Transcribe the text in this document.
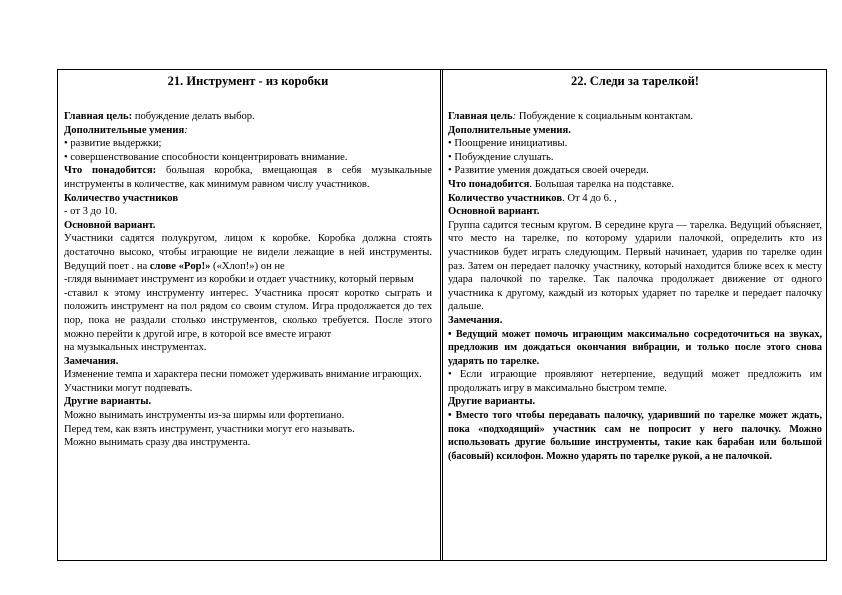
21. Инструмент - из коробки

Главная цель: побуждение делать выбор.

Дополнительные умения:

• развитие выдержки;

• совершенствование способности концентрировать внимание.

Что понадобится: большая коробка, вмещающая в себя музыкальные инструменты в количестве, как минимум равном числу участников.

Количество участников

- от 3 до 10.

Основной вариант.

Участники садятся полукругом, лицом к коробке. Коробка должна стоять достаточно высоко, чтобы играющие не видели лежащие в ней инструменты. Ведущий поет . на слове «Pop!» («Хлоп!») он не

-глядя вынимает инструмент из коробки и отдает участнику, который первым

-ставил к этому инструменту интерес. Участника просят коротко сыграть и положить инструмент на пол рядом со своим стулом. Игра продолжается до тех пор, пока не раздали столько инструментов, сколько требуется. После этого можно перейти к другой игре, в которой все вместе играют

на музыкальных инструментах.

Замечания.

Изменение темпа и характера песни поможет удерживать внимание играющих.

Участники могут подпевать.

Другие варианты.

Можно вынимать инструменты из-за ширмы или фортепиано.

Перед тем, как взять инструмент, участники могут его называть.

Можно вынимать сразу два инструмента.

22. Следи за тарелкой!

Главная цель: Побуждение к социальным контактам.

Дополнительные умения.

• Поощрение инициативы.

• Побуждение слушать.

• Развитие умения дождаться своей очереди.

Что понадобится. Большая тарелка на подставке.

Количество участников. От 4 до 6. ,

Основной вариант.

Группа садится тесным кругом. В середине круга — тарелка. Ведущий объясняет, что место на тарелке, по которому ударили палочкой, определить кто из участников будет играть следующим. Первый начинает, ударив по тарелке один раз. Затем он передает палочку участнику, который находится ближе всех к месту удара палочкой по тарелке. Так палочка продолжает движение от одного участника к другому, каждый из которых ударяет по тарелке и передает палочку дальше.

Замечания.

• Ведущий может помочь играющим максимально сосредоточиться на звуках, предложив им дождаться окончания вибрации, и только после этого снова ударять по тарелке.

• Если играющие проявляют нетерпение, ведущий может предложить им продолжать игру в максимально быстром темпе.

Другие варианты.

• Вместо того чтобы передавать палочку, ударивший по тарелке может ждать, пока «подходящий» участник сам не попросит у него палочку. Можно использовать другие большие инструменты, такие как барабан или большой (басовый) ксилофон. Можно ударять по тарелке рукой, а не палочкой.
